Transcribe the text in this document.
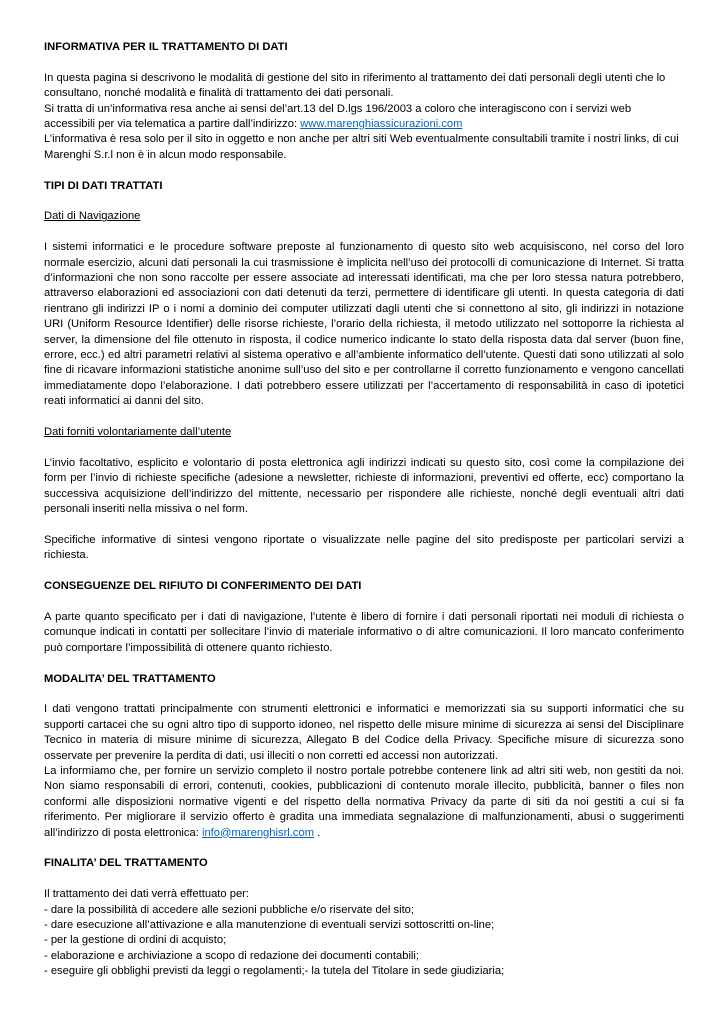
INFORMATIVA PER IL TRATTAMENTO DI DATI

In questa pagina si descrivono le modalità di gestione del sito in riferimento al trattamento dei dati personali degli utenti che lo consultano, nonché modalità e finalità di trattamento dei dati personali.

Si tratta di un’informativa resa anche ai sensi del’art.13 del D.lgs 196/2003 a coloro che interagiscono con i servizi web accessibili per via telematica a partire dall’indirizzo: www.marenghiassicurazioni.com

L’informativa è resa solo per il sito in oggetto e non anche per altri siti Web eventualmente consultabili tramite i nostri links, di cui Marenghi S.r.l non è in alcun modo responsabile.

TIPI DI DATI TRATTATI

Dati di Navigazione

I sistemi informatici e le procedure software preposte al funzionamento di questo sito web acquisiscono, nel corso del loro normale esercizio, alcuni dati personali la cui trasmissione è implicita nell’uso dei protocolli di comunicazione di Internet. Si tratta d’informazioni che non sono raccolte per essere associate ad interessati identificati, ma che per loro stessa natura potrebbero, attraverso elaborazioni ed associazioni con dati detenuti da terzi, permettere di identificare gli utenti. In questa categoria di dati rientrano gli indirizzi IP o i nomi a dominio dei computer utilizzati dagli utenti che si connettono al sito, gli indirizzi in notazione URI (Uniform Resource Identifier) delle risorse richieste, l’orario della richiesta, il metodo utilizzato nel sottoporre la richiesta al server, la dimensione del file ottenuto in risposta, il codice numerico indicante lo stato della risposta data dal server (buon fine, errore, ecc.) ed altri parametri relativi al sistema operativo e all’ambiente informatico dell’utente. Questi dati sono utilizzati al solo fine di ricavare informazioni statistiche anonime sull’uso del sito e per controllarne il corretto funzionamento e vengono cancellati immediatamente dopo l’elaborazione. I dati potrebbero essere utilizzati per l’accertamento di responsabilità in caso di ipotetici reati informatici ai danni del sito.

Dati forniti volontariamente dall’utente

L’invio facoltativo, esplicito e volontario di posta elettronica agli indirizzi indicati su questo sito, così come la compilazione dei form per l’invio di richieste specifiche (adesione a newsletter, richieste di informazioni, preventivi ed offerte, ecc) comportano la successiva acquisizione dell’indirizzo del mittente, necessario per rispondere alle richieste, nonché degli eventuali altri dati personali inseriti nella missiva o nel form.

Specifiche informative di sintesi vengono riportate o visualizzate nelle pagine del sito predisposte per particolari servizi a richiesta.

CONSEGUENZE DEL RIFIUTO DI CONFERIMENTO DEI DATI

A parte quanto specificato per i dati di navigazione, l’utente è libero di fornire i dati personali riportati nei moduli di richiesta o comunque indicati in contatti per sollecitare l’invio di materiale informativo o di altre comunicazioni. Il loro mancato conferimento può comportare l’impossibilità di ottenere quanto richiesto.

MODALITA’ DEL TRATTAMENTO

I dati vengono trattati principalmente con strumenti elettronici e informatici e memorizzati sia su supporti informatici che su supporti cartacei che su ogni altro tipo di supporto idoneo, nel rispetto delle misure minime di sicurezza ai sensi del Disciplinare Tecnico in materia di misure minime di sicurezza, Allegato B del Codice della Privacy. Specifiche misure di sicurezza sono osservate per prevenire la perdita di dati, usi illeciti o non corretti ed accessi non autorizzati.

La informiamo che, per fornire un servizio completo il nostro portale potrebbe contenere link ad altri siti web, non gestiti da noi. Non siamo responsabili di errori, contenuti, cookies, pubblicazioni di contenuto morale illecito, pubblicità, banner o files non conformi alle disposizioni normative vigenti e del rispetto della normativa Privacy da parte di siti da noi gestiti a cui si fa riferimento. Per migliorare il servizio offerto è gradita una immediata segnalazione di malfunzionamenti, abusi o suggerimenti all’indirizzo di posta elettronica: info@marenghisrl.com .

FINALITA’ DEL TRATTAMENTO

Il trattamento dei dati verrà effettuato per:

- dare la possibilità di accedere alle sezioni pubbliche e/o riservate del sito;
- dare esecuzione all’attivazione e alla manutenzione di eventuali servizi sottoscritti on-line;
- per la gestione di ordini di acquisto;
- elaborazione e archiviazione a scopo di redazione dei documenti contabili;
- eseguire gli obblighi previsti da leggi o regolamenti;- la tutela del Titolare in sede giudiziaria;
